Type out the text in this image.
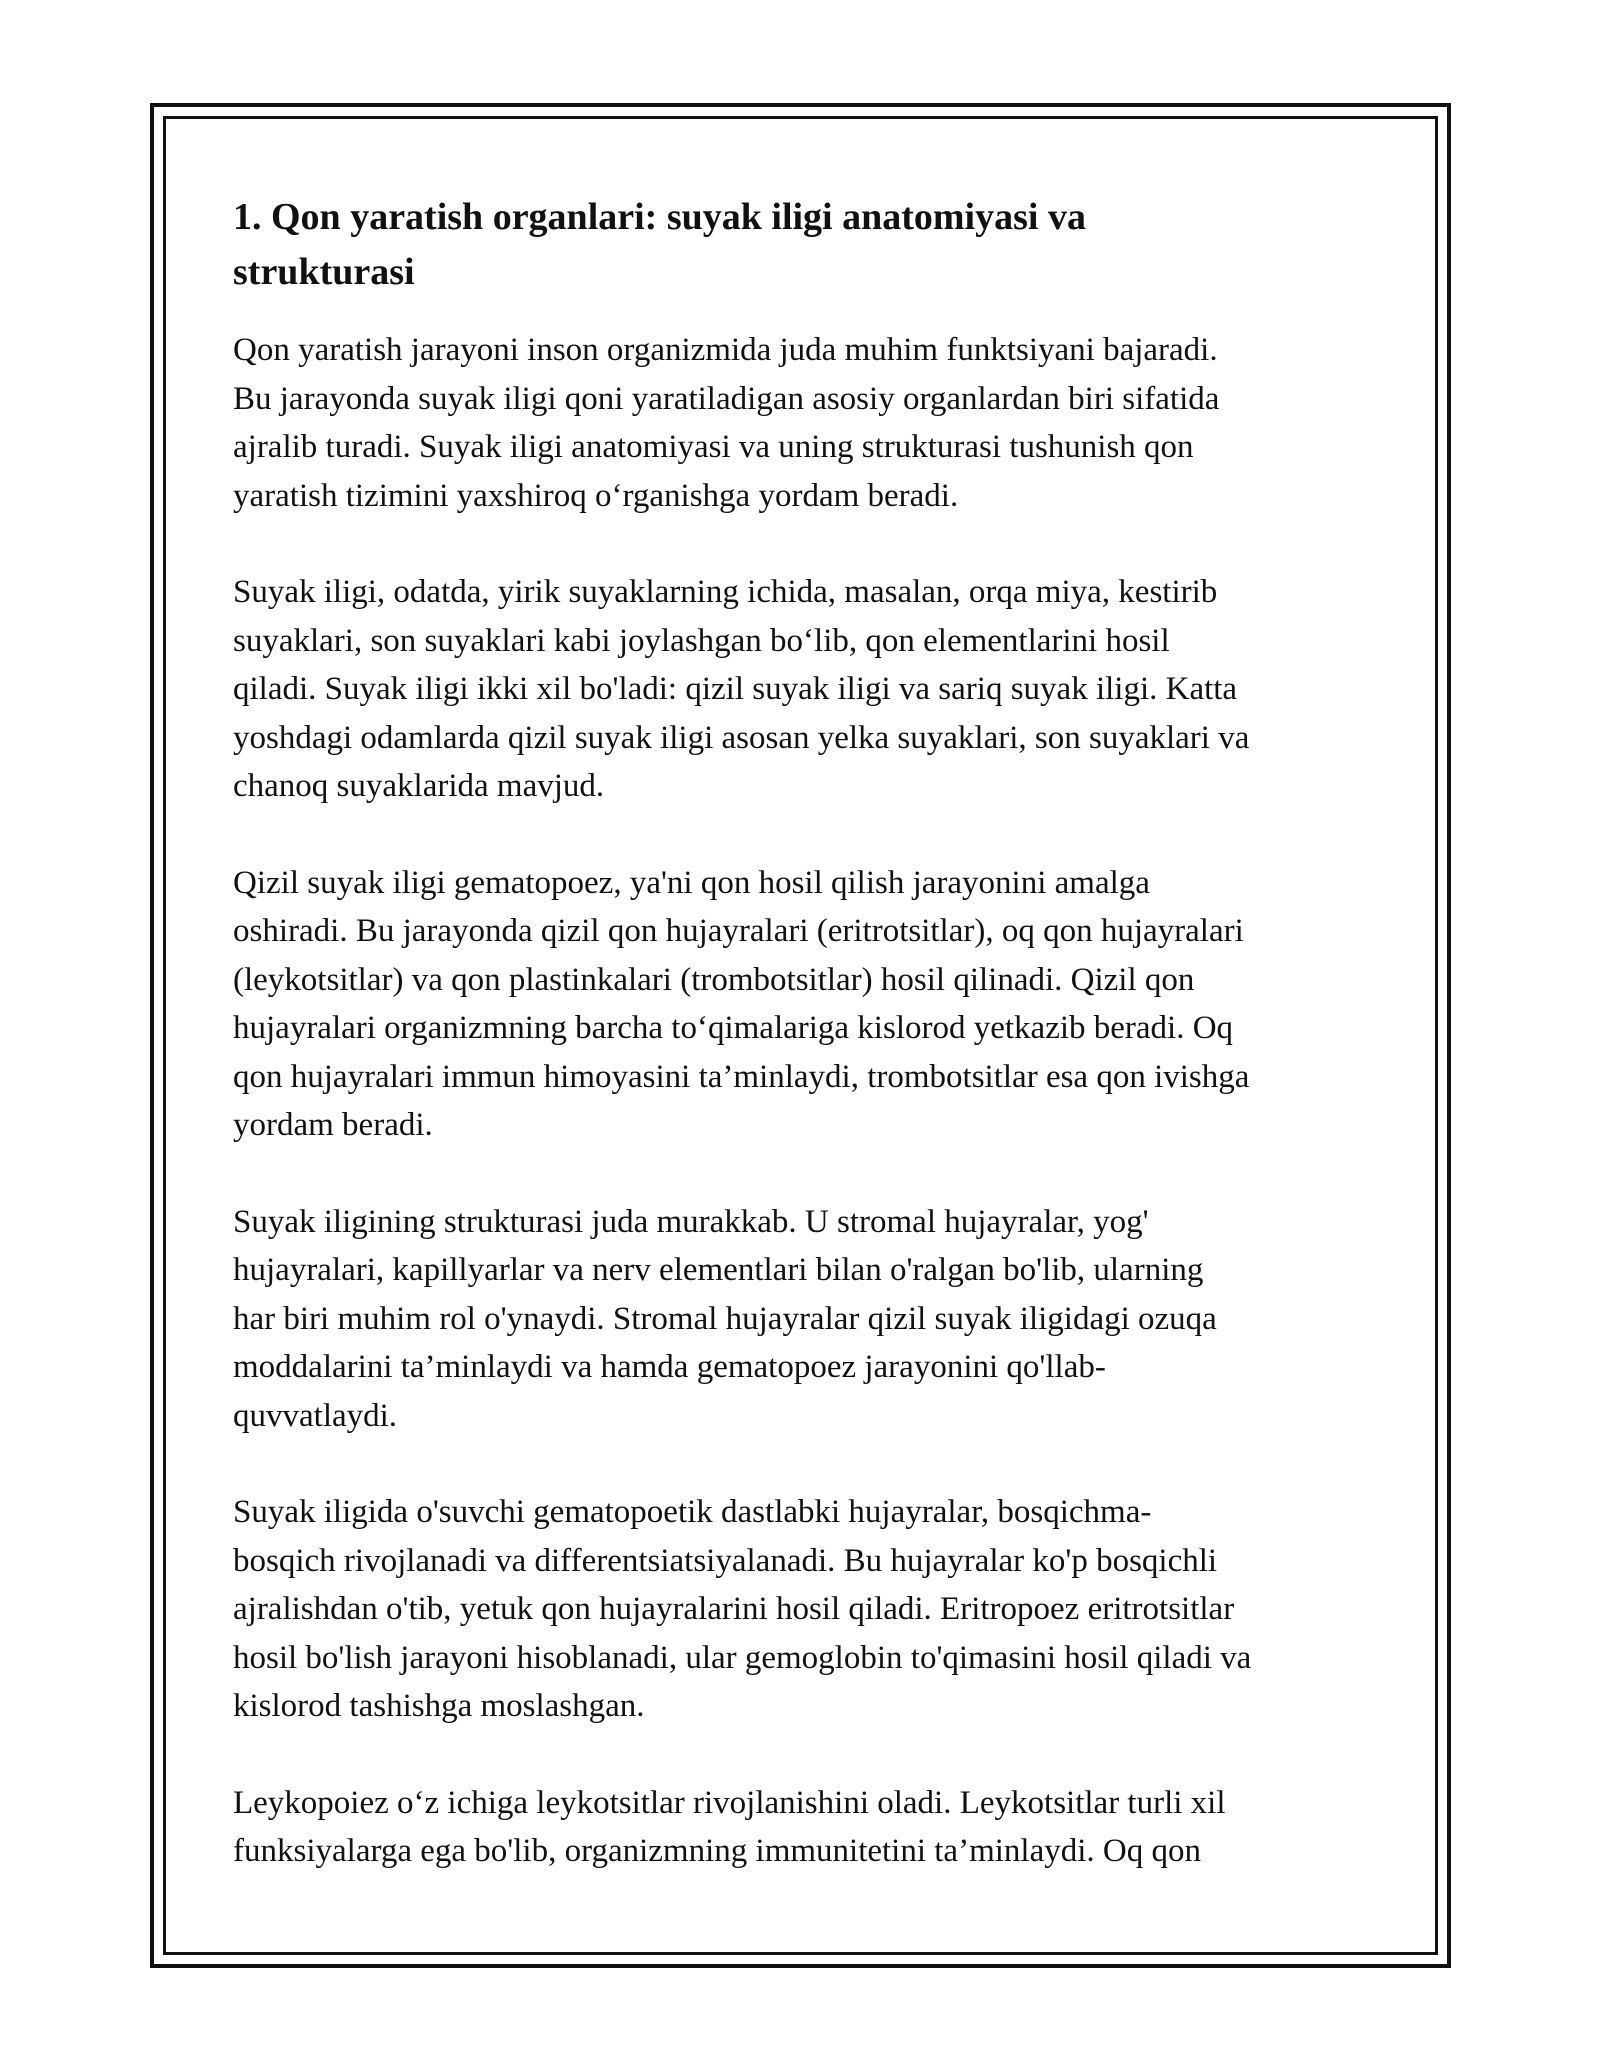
1. Qon yaratish organlari: suyak iligi anatomiyasi va
strukturasi

Qon yaratish jarayoni inson organizmida juda muhim funktsiyani bajaradi.
Bu jarayonda suyak iligi qoni yaratiladigan asosiy organlardan biri sifatida
ajralib turadi. Suyak iligi anatomiyasi va uning strukturasi tushunish qon
yaratish tizimini yaxshiroq o‘rganishga yordam beradi.

Suyak iligi, odatda, yirik suyaklarning ichida, masalan, orqa miya, kestirib
suyaklari, son suyaklari kabi joylashgan bo‘lib, qon elementlarini hosil
qiladi. Suyak iligi ikki xil bo'ladi: qizil suyak iligi va sariq suyak iligi. Katta
yoshdagi odamlarda qizil suyak iligi asosan yelka suyaklari, son suyaklari va
chanoq suyaklarida mavjud.

Qizil suyak iligi gematopoez, ya'ni qon hosil qilish jarayonini amalga
oshiradi. Bu jarayonda qizil qon hujayralari (eritrotsitlar), oq qon hujayralari
(leykotsitlar) va qon plastinkalari (trombotsitlar) hosil qilinadi. Qizil qon
hujayralari organizmning barcha to‘qimalariga kislorod yetkazib beradi. Oq
qon hujayralari immun himoyasini ta’minlaydi, trombotsitlar esa qon ivishga
yordam beradi.

Suyak iligining strukturasi juda murakkab. U stromal hujayralar, yog'
hujayralari, kapillyarlar va nerv elementlari bilan o'ralgan bo'lib, ularning
har biri muhim rol o'ynaydi. Stromal hujayralar qizil suyak iligidagi ozuqa
moddalarini ta’minlaydi va hamda gematopoez jarayonini qo'llab-
quvvatlaydi.

Suyak iligida o'suvchi gematopoetik dastlabki hujayralar, bosqichma-
bosqich rivojlanadi va differentsiatsiyalanadi. Bu hujayralar ko'p bosqichli
ajralishdan o'tib, yetuk qon hujayralarini hosil qiladi. Eritropoez eritrotsitlar
hosil bo'lish jarayoni hisoblanadi, ular gemoglobin to'qimasini hosil qiladi va
kislorod tashishga moslashgan.

Leykopoiez o‘z ichiga leykotsitlar rivojlanishini oladi. Leykotsitlar turli xil
funksiyalarga ega bo'lib, organizmning immunitetini ta’minlaydi. Oq qon
